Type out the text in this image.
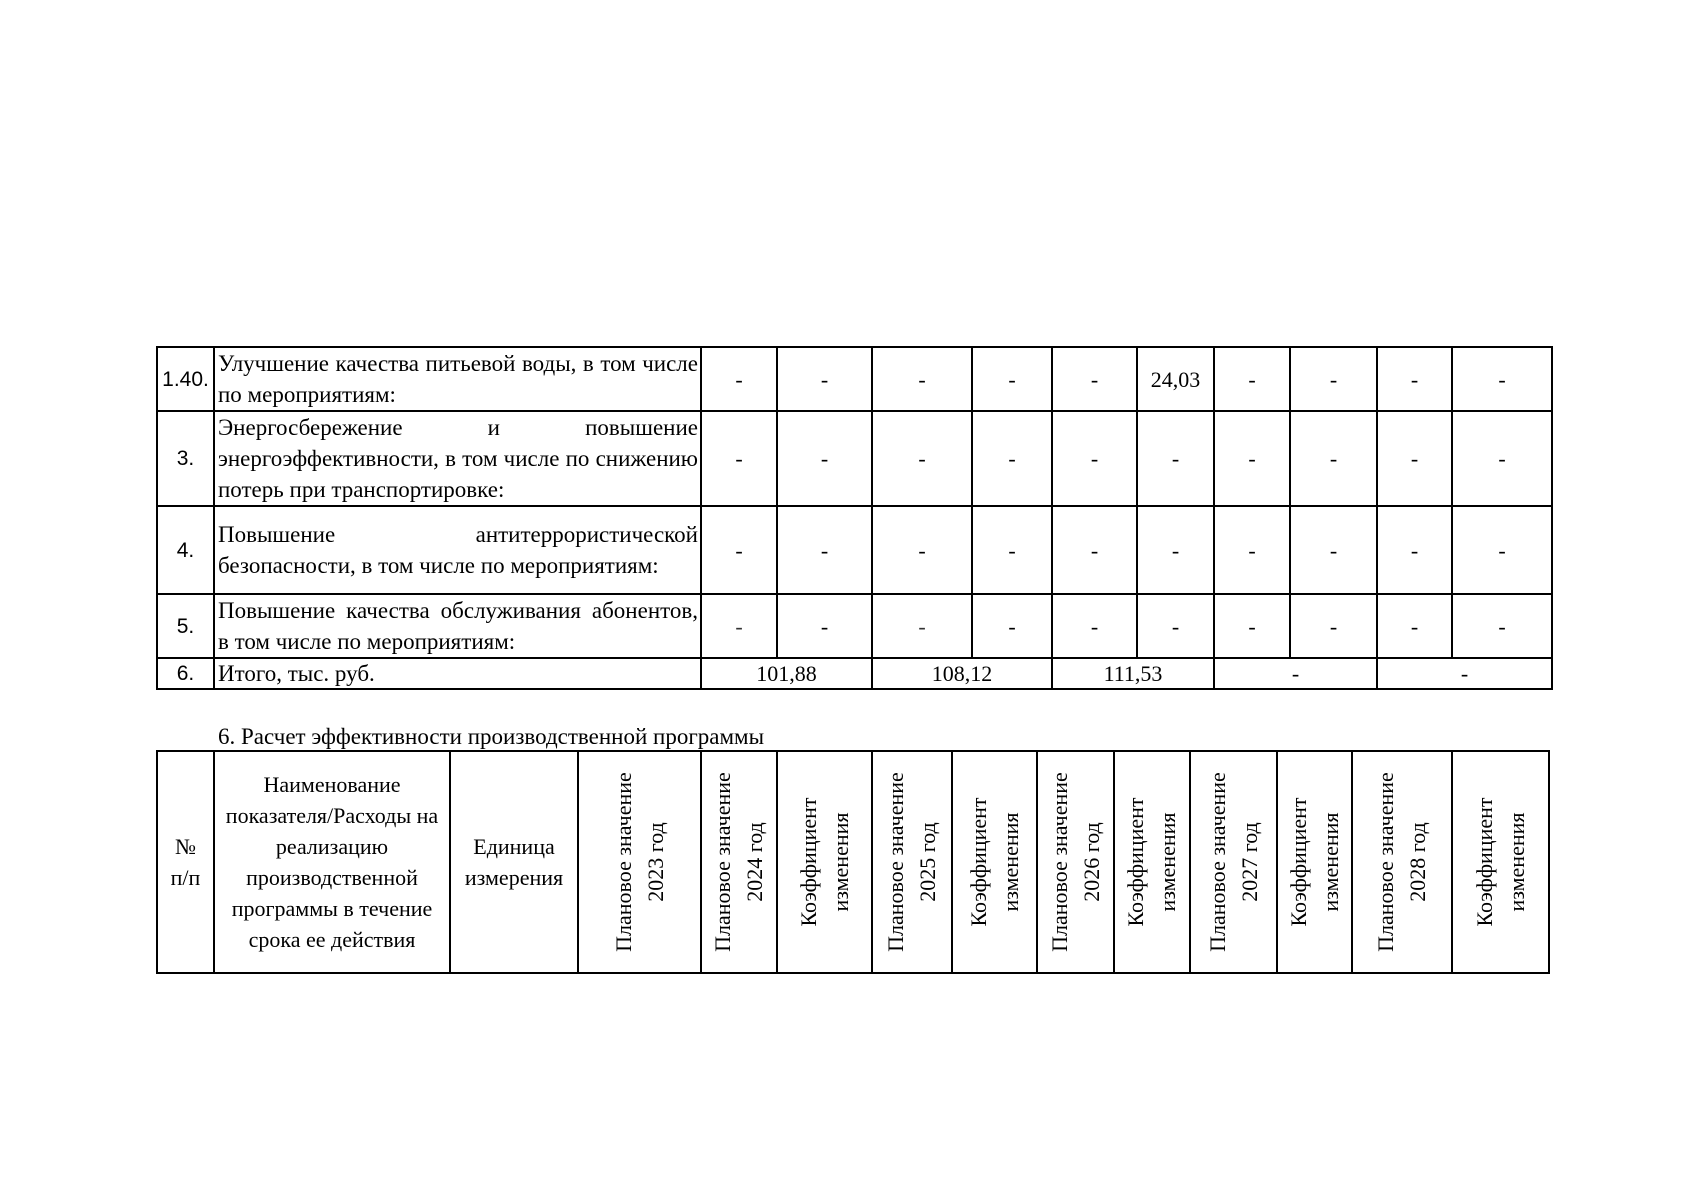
1.40.	Улучшение качества питьевой воды, в том числе по мероприятиям:	-	-	-	-	-	24,03	-	-	-	-
3.	Энергосбережение и повышение энергоэффективности, в том числе по снижению потерь при транспортировке:	-	-	-	-	-	-	-	-	-	-
4.	Повышение антитеррористической безопасности, в том числе по мероприятиям:	-	-	-	-	-	-	-	-	-	-
5.	Повышение качества обслуживания абонентов, в том числе по мероприятиям:	-	-	-	-	-	-	-	-	-	-
6.	Итого, тыс. руб.	101,88		108,12		111,53		-		-	
6. Расчет эффективности производственной программы
№ п/п	Наименование показателя/Расходы на реализацию производственной программы в течение срока ее действия	Единица измерения	Плановое значение 2023 год	Плановое значение 2024 год	Коэффициент изменения	Плановое значение 2025 год	Коэффициент изменения	Плановое значение 2026 год	Коэффициент изменения	Плановое значение 2027 год	Коэффициент изменения	Плановое значение 2028 год	Коэффициент изменения
